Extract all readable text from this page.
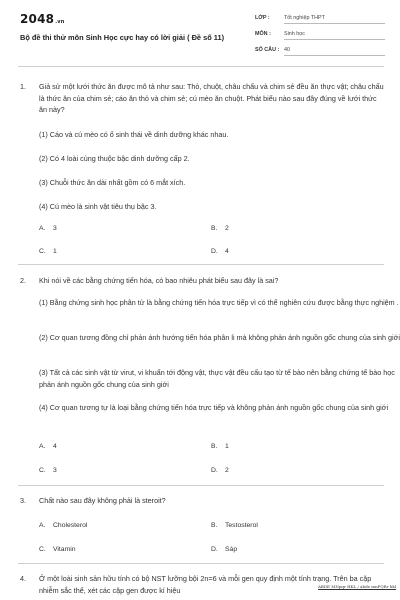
2048.vn
Bộ đề thi thử môn Sinh Học cực hay có lời giải ( Đề số 11)
LỚP :	Tốt nghiệp THPT
MÔN :	Sinh học
SỐ CÂU : 40
1. Giả sử một lưới thức ăn được mô tả như sau: Thỏ, chuột, châu chấu và chim sẻ đều ăn thực vật; châu chấu là thức ăn của chim sẻ; cáo ăn thỏ và chim sẻ; cú mèo ăn chuột. Phát biểu nào sau đây đúng về lưới thức ăn này?
(1) Cáo và cú mèo có ổ sinh thái về dinh dưỡng khác nhau.
(2) Có 4 loài cùng thuộc bậc dinh dưỡng cấp 2.
(3) Chuỗi thức ăn dài nhất gồm có 6 mắt xích.
(4) Cú mèo là sinh vật tiêu thụ bậc 3.
A.	3	B.	2
C.	1	D.	4
2. Khi nói về các bằng chứng tiến hóa, có bao nhiêu phát biểu sau đây là sai?
(1) Bằng chứng sinh học phân tử là bằng chứng tiến hóa trực tiếp vì có thể nghiên cứu được bằng thực nghiệm .
(2) Cơ quan tương đồng chỉ phản ánh hướng tiến hóa phân li mà không phản ánh nguồn gốc chung của sinh giới
(3) Tất cả các sinh vật từ virut, vi khuẩn tới động vật, thực vật đều cấu tạo từ tế bào nên bằng chứng tế bào học phản ánh nguồn gốc chung của sinh giới
(4) Cơ quan tương tự là loại bằng chứng tiến hóa trực tiếp và không phản ánh nguồn gốc chung của sinh giới
A.	4	B.	1
C.	3	D.	2
3. Chất nào sau đây không phải là steroit?
A.	Cholesterol	B.	Testosterol
C.	Vitamin	D.	Sáp
4. Ở một loài sinh sản hữu tính có bộ NST lưỡng bội 2n=6 và mỗi gen quy định một tính trạng. Trên ba cặp nhiễm sắc thể, xét các cặp gen được kí hiệu	ABDE MNpqr HKL / abde mnPQRr hkl
